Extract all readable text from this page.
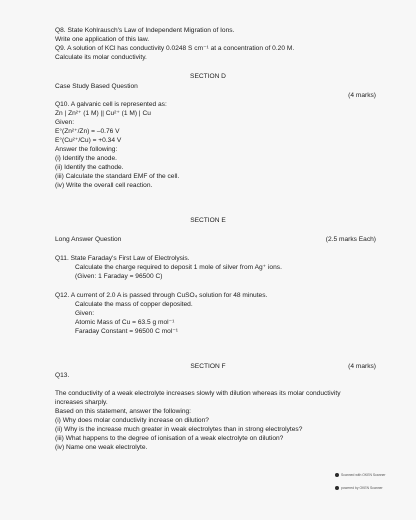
Q8. State Kohlrausch's Law of Independent Migration of Ions.
Write one application of this law.
Q9. A solution of KCl has conductivity 0.0248 S cm⁻¹ at a concentration of 0.20 M.
Calculate its molar conductivity.
SECTION D
Case Study Based Question
(4 marks)
Q10. A galvanic cell is represented as:
Zn | Zn²⁺ (1 M) || Cu²⁺ (1 M) | Cu
Given:
E°(Zn²⁺/Zn) = –0.76 V
E°(Cu²⁺/Cu) = +0.34 V
Answer the following:
(i) Identify the anode.
(ii) Identify the cathode.
(iii) Calculate the standard EMF of the cell.
(iv) Write the overall cell reaction.
SECTION E
Long Answer Question	(2.5 marks Each)
Q11. State Faraday's First Law of Electrolysis.
Calculate the charge required to deposit 1 mole of silver from Ag⁺ ions.
(Given: 1 Faraday = 96500 C)
Q12. A current of 2.0 A is passed through CuSO₄ solution for 48 minutes.
Calculate the mass of copper deposited.
Given:
Atomic Mass of Cu = 63.5 g mol⁻¹
Faraday Constant = 96500 C mol⁻¹
SECTION F	(4 marks)
Q13.
The conductivity of a weak electrolyte increases slowly with dilution whereas its molar conductivity
increases sharply.
Based on this statement, answer the following:
(i) Why does molar conductivity increase on dilution?
(ii) Why is the increase much greater in weak electrolytes than in strong electrolytes?
(iii) What happens to the degree of ionisation of a weak electrolyte on dilution?
(iv) Name one weak electrolyte.
Scanned with OKEN Scanner
powered by OKEN Scanner
